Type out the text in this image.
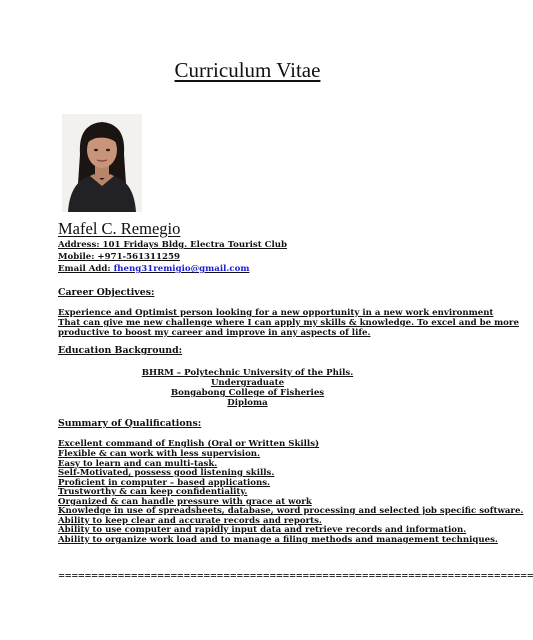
Curriculum Vitae
Mafel C. Remegio
Address: 101 Fridays Bldg. Electra Tourist Club
Mobile: +971-561311259
Email Add: fheng31remigio@gmail.com
Career Objectives:
Experience and Optimist person looking for a new opportunity in a new work environment
That can give me new challenge where I can apply my skills & knowledge. To excel and be more
productive to boost my career and improve in any aspects of life.
Education Background:
BHRM – Polytechnic University of the Phils.
Undergraduate
Bongabong College of Fisheries
Diploma
Summary of Qualifications:
Excellent command of English (Oral or Written Skills)
Flexible & can work with less supervision.
Easy to learn and can multi-task.
Self-Motivated, possess good listening skills.
Proficient in computer – based applications.
Trustworthy & can keep confidentiality.
Organized & can handle pressure with grace at work
Knowledge in use of spreadsheets, database, word processing and selected job specific software.
Ability to keep clear and accurate records and reports.
Ability to use computer and rapidly input data and retrieve records and information.
Ability to organize work load and to manage a filing methods and management techniques.
========================================================================
